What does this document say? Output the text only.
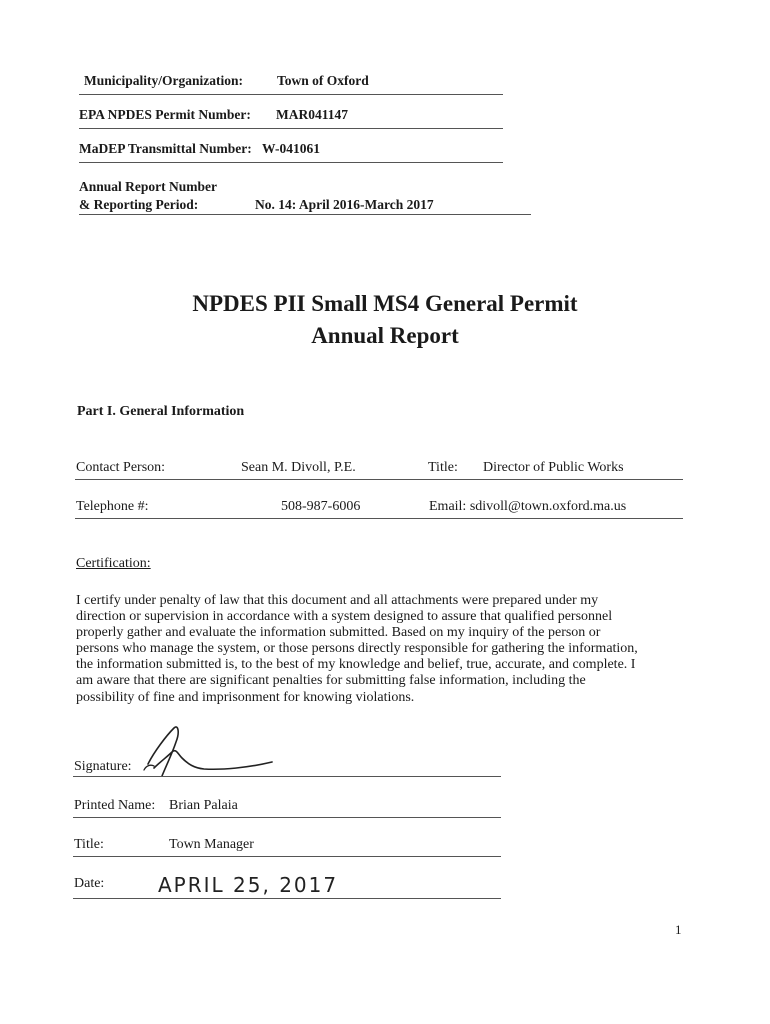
Municipality/Organization:	Town of Oxford
EPA NPDES Permit Number: MAR041147
MaDEP Transmittal Number: W-041061
Annual Report Number
& Reporting Period:	No. 14: April 2016-March 2017
NPDES PII Small MS4 General Permit
Annual Report
Part I. General Information
Contact Person:	Sean M. Divoll, P.E.	Title: Director of Public Works
Telephone #:	508-987-6006	Email: sdivoll@town.oxford.ma.us
Certification:
I certify under penalty of law that this document and all attachments were prepared under my
direction or supervision in accordance with a system designed to assure that qualified personnel
properly gather and evaluate the information submitted. Based on my inquiry of the person or
persons who manage the system, or those persons directly responsible for gathering the information,
the information submitted is, to the best of my knowledge and belief, true, accurate, and complete. I
am aware that there are significant penalties for submitting false information, including the
possibility of fine and imprisonment for knowing violations.
Signature:
Printed Name: Brian Palaia
Title:	Town Manager
Date:	APRIL 25, 2017
1
